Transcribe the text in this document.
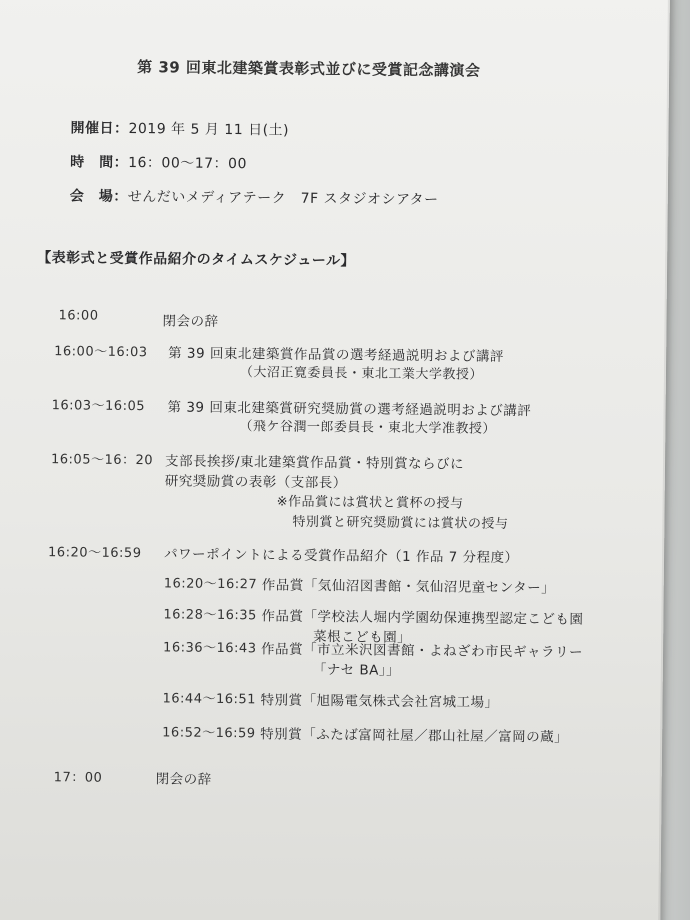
第 39 回東北建築賞表彰式並びに受賞記念講演会
開催日：2019 年 5 月 11 日(土)
時　間：16：00～17：00
会　場：せんだいメディアテーク　7F スタジオシアター
【表彰式と受賞作品紹介のタイムスケジュール】
16:00	閉会の辞
16:00～16:03 第 39 回東北建築賞作品賞の選考経過説明および講評
（大沼正寛委員長・東北工業大学教授）
16:03～16:05 第 39 回東北建築賞研究奨励賞の選考経過説明および講評
（飛ケ谷潤一郎委員長・東北大学准教授）
16:05～16：20 支部長挨拶/東北建築賞作品賞・特別賞ならびに
研究奨励賞の表彰（支部長）
※作品賞には賞状と賞杯の授与
特別賞と研究奨励賞には賞状の授与
16:20～16:59 パワーポイントによる受賞作品紹介（1 作品 7 分程度）
16:20～16:27 作品賞「気仙沼図書館・気仙沼児童センター」
16:28～16:35 作品賞「学校法人堀内学園幼保連携型認定こども園
菜根こども園」
16:36～16:43 作品賞「市立米沢図書館・よねざわ市民ギャラリー
「ナセ BA」」
16:44～16:51 特別賞「旭陽電気株式会社宮城工場」
16:52～16:59 特別賞「ふたば富岡社屋／郡山社屋／富岡の蔵」
17：00	閉会の辞
